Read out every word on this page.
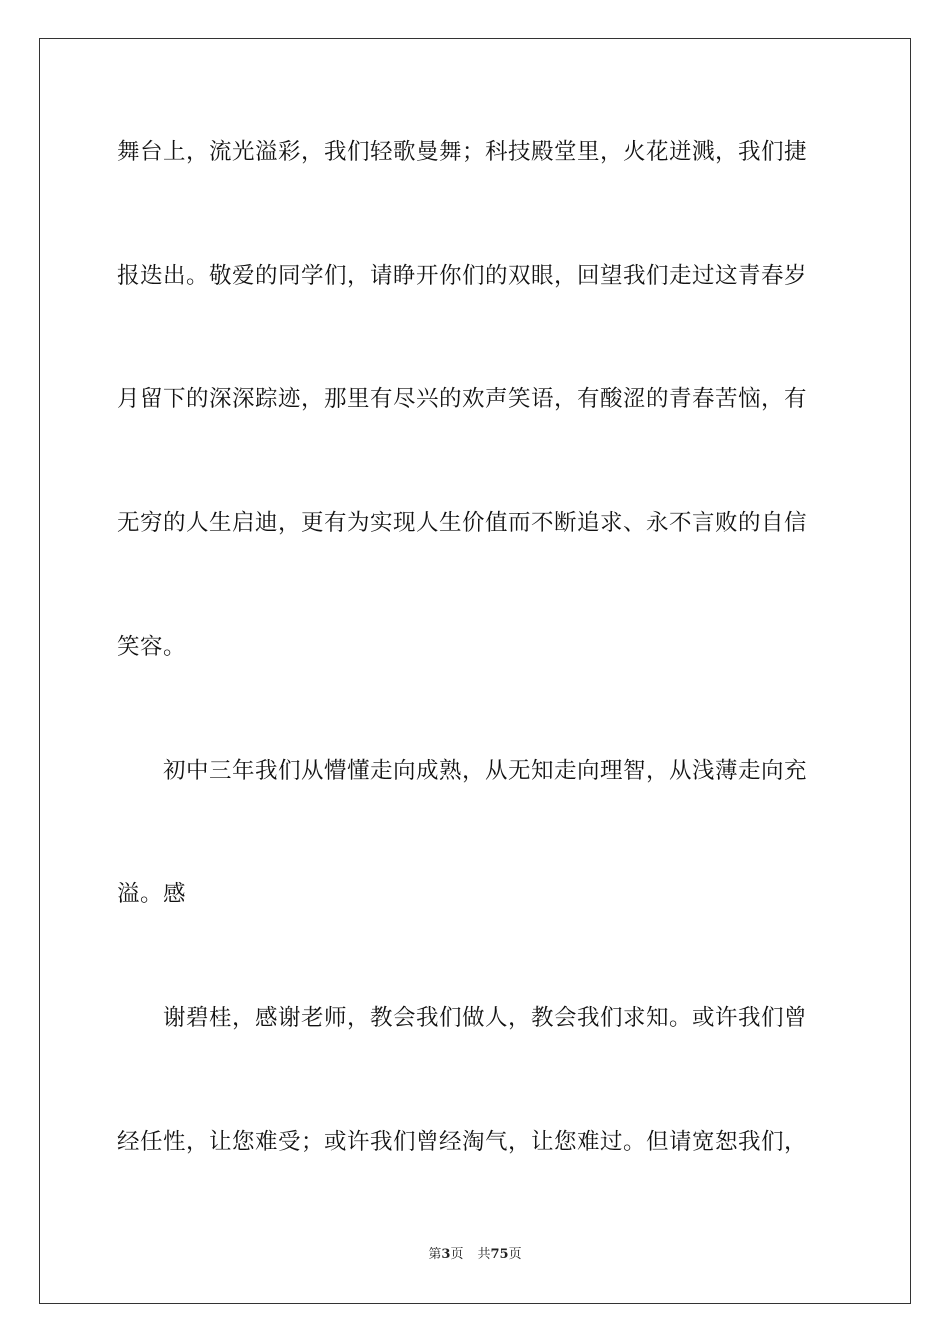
舞台上，流光溢彩，我们轻歌曼舞；科技殿堂里，火花迸溅，我们捷
报迭出。敬爱的同学们，请睁开你们的双眼，回望我们走过这青春岁
月留下的深深踪迹，那里有尽兴的欢声笑语，有酸涩的青春苦恼，有
无穷的人生启迪，更有为实现人生价值而不断追求、永不言败的自信
笑容。
初中三年我们从懵懂走向成熟，从无知走向理智，从浅薄走向充
溢。感
谢碧桂，感谢老师，教会我们做人，教会我们求知。或许我们曾
经任性，让您难受；或许我们曾经淘气，让您难过。但请宽恕我们，
第3页 共75页
